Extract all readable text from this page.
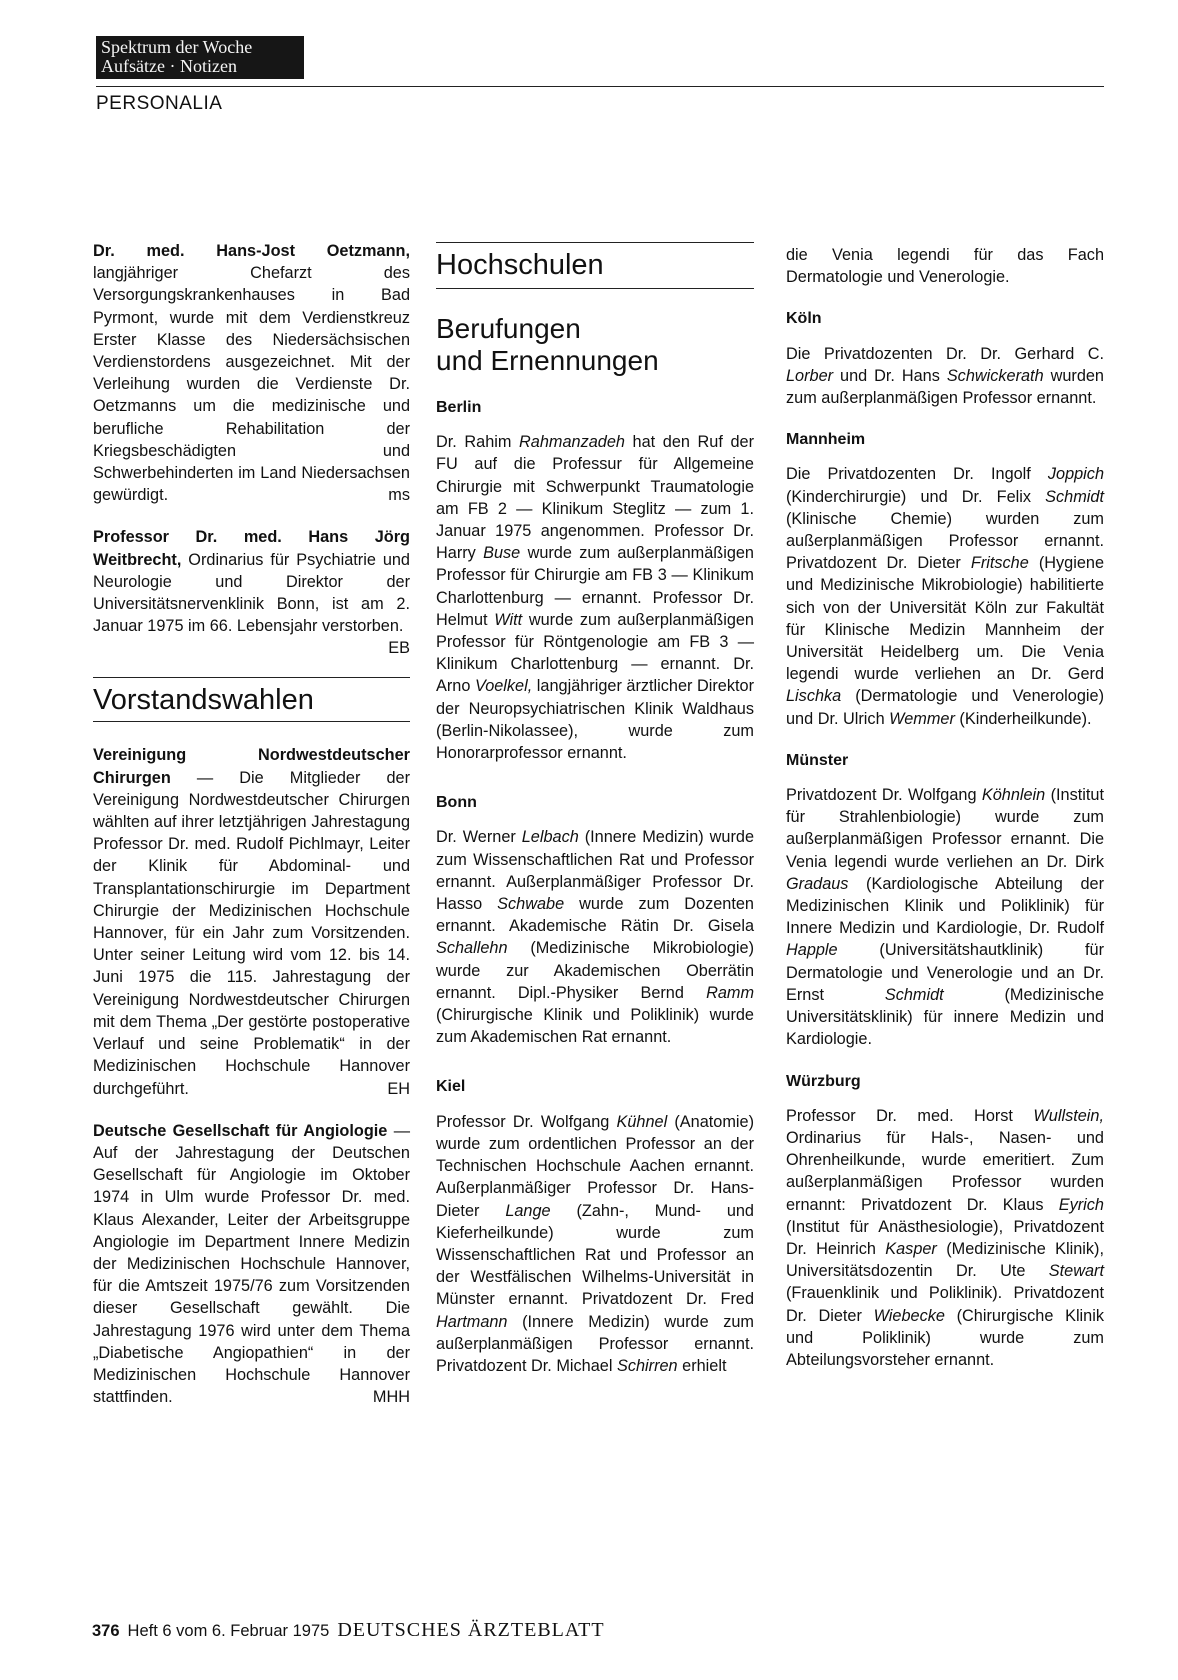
Spektrum der Woche
Aufsätze · Notizen
PERSONALIA

Dr. med. Hans-Jost Oetzmann, langjähriger Chefarzt des Versorgungskrankenhauses in Bad Pyrmont, wurde mit dem Verdienstkreuz Erster Klasse des Niedersächsischen Verdienstordens ausgezeichnet. Mit der Verleihung wurden die Verdienste Dr. Oetzmanns um die medizinische und berufliche Rehabilitation der Kriegsbeschädigten und Schwerbehinderten im Land Niedersachsen gewürdigt.	ms

Professor Dr. med. Hans Jörg Weitbrecht, Ordinarius für Psychiatrie und Neurologie und Direktor der Universitätsnervenklinik Bonn, ist am 2. Januar 1975 im 66. Lebensjahr verstorben.
EB

Vorstandswahlen

Vereinigung Nordwestdeutscher Chirurgen — Die Mitglieder der Vereinigung Nordwestdeutscher Chirurgen wählten auf ihrer letztjährigen Jahrestagung Professor Dr. med. Rudolf Pichlmayr, Leiter der Klinik für Abdominal- und Transplantationschirurgie im Department Chirurgie der Medizinischen Hochschule Hannover, für ein Jahr zum Vorsitzenden. Unter seiner Leitung wird vom 12. bis 14. Juni 1975 die 115. Jahrestagung der Vereinigung Nordwestdeutscher Chirurgen mit dem Thema „Der gestörte postoperative Verlauf und seine Problematik“ in der Medizinischen Hochschule Hannover durchgeführt.	EH

Deutsche Gesellschaft für Angiologie — Auf der Jahrestagung der Deutschen Gesellschaft für Angiologie im Oktober 1974 in Ulm wurde Professor Dr. med. Klaus Alexander, Leiter der Arbeitsgruppe Angiologie im Department Innere Medizin der Medizinischen Hochschule Hannover, für die Amtszeit 1975/76 zum Vorsitzenden dieser Gesellschaft gewählt. Die Jahrestagung 1976 wird unter dem Thema „Diabetische Angiopathien“ in der Medizinischen Hochschule Hannover stattfinden.	MHH

Hochschulen
Berufungen
und Ernennungen
Berlin

Dr. Rahim Rahmanzadeh hat den Ruf der FU auf die Professur für Allgemeine Chirurgie mit Schwerpunkt Traumatologie am FB 2 — Klinikum Steglitz — zum 1. Januar 1975 angenommen. Professor Dr. Harry Buse wurde zum außerplanmäßigen Professor für Chirurgie am FB 3 — Klinikum Charlottenburg — ernannt. Professor Dr. Helmut Witt wurde zum außerplanmäßigen Professor für Röntgenologie am FB 3 — Klinikum Charlottenburg — ernannt. Dr. Arno Voelkel, langjähriger ärztlicher Direktor der Neuropsychiatrischen Klinik Waldhaus (Berlin-Nikolassee), wurde zum Honorarprofessor ernannt.

Bonn

Dr. Werner Lelbach (Innere Medizin) wurde zum Wissenschaftlichen Rat und Professor ernannt. Außerplanmäßiger Professor Dr. Hasso Schwabe wurde zum Dozenten ernannt. Akademische Rätin Dr. Gisela Schallehn (Medizinische Mikrobiologie) wurde zur Akademischen Oberrätin ernannt. Dipl.-Physiker Bernd Ramm (Chirurgische Klinik und Poliklinik) wurde zum Akademischen Rat ernannt.

Kiel

Professor Dr. Wolfgang Kühnel (Anatomie) wurde zum ordentlichen Professor an der Technischen Hochschule Aachen ernannt. Außerplanmäßiger Professor Dr. Hans-Dieter Lange (Zahn-, Mund- und Kieferheilkunde) wurde zum Wissenschaftlichen Rat und Professor an der Westfälischen Wilhelms-Universität in Münster ernannt. Privatdozent Dr. Fred Hartmann (Innere Medizin) wurde zum außerplanmäßigen Professor ernannt. Privatdozent Dr. Michael Schirren erhielt

die Venia legendi für das Fach Dermatologie und Venerologie.

Köln

Die Privatdozenten Dr. Dr. Gerhard C. Lorber und Dr. Hans Schwickerath wurden zum außerplanmäßigen Professor ernannt.

Mannheim

Die Privatdozenten Dr. Ingolf Joppich (Kinderchirurgie) und Dr. Felix Schmidt (Klinische Chemie) wurden zum außerplanmäßigen Professor ernannt. Privatdozent Dr. Dieter Fritsche (Hygiene und Medizinische Mikrobiologie) habilitierte sich von der Universität Köln zur Fakultät für Klinische Medizin Mannheim der Universität Heidelberg um. Die Venia legendi wurde verliehen an Dr. Gerd Lischka (Dermatologie und Venerologie) und Dr. Ulrich Wemmer (Kinderheilkunde).

Münster

Privatdozent Dr. Wolfgang Köhnlein (Institut für Strahlenbiologie) wurde zum außerplanmäßigen Professor ernannt. Die Venia legendi wurde verliehen an Dr. Dirk Gradaus (Kardiologische Abteilung der Medizinischen Klinik und Poliklinik) für Innere Medizin und Kardiologie, Dr. Rudolf Happle (Universitätshautklinik) für Dermatologie und Venerologie und an Dr. Ernst Schmidt (Medizinische Universitätsklinik) für innere Medizin und Kardiologie.

Würzburg

Professor Dr. med. Horst Wullstein, Ordinarius für Hals-, Nasen- und Ohrenheilkunde, wurde emeritiert. Zum außerplanmäßigen Professor wurden ernannt: Privatdozent Dr. Klaus Eyrich (Institut für Anästhesiologie), Privatdozent Dr. Heinrich Kasper (Medizinische Klinik), Universitätsdozentin Dr. Ute Stewart (Frauenklinik und Poliklinik). Privatdozent Dr. Dieter Wiebecke (Chirurgische Klinik und Poliklinik) wurde zum Abteilungsvorsteher ernannt.

376 Heft 6 vom 6. Februar 1975 DEUTSCHES ÄRZTEBLATT
